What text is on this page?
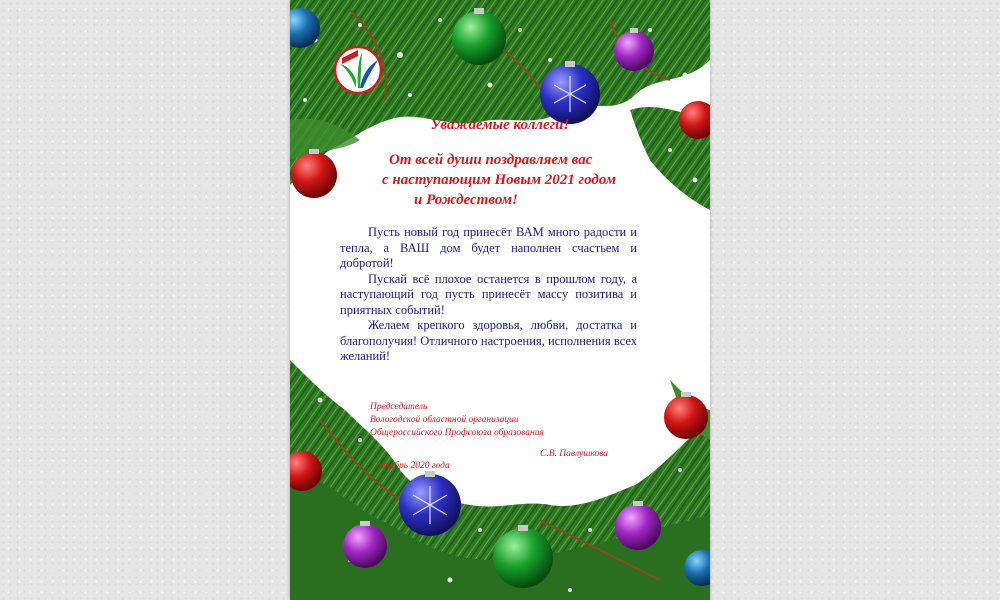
Уважаемые коллеги!
От всей души поздравляем вас
с наступающим Новым 2021 годом
и Рождеством!

Пусть новый год принесёт ВАМ много радости и тепла, а ВАШ дом будет наполнен счастьем и добротой!

Пускай всё плохое останется в прошлом году, а наступающий год пусть принесёт массу позитива и приятных событий!

Желаем крепкого здоровья, любви, достатка и благополучия! Отличного настроения, исполнения всех желаний!

Председатель
Вологодской областной организации
Общероссийского Профсоюза образования
С.В. Павлушкова
Декабрь 2020 года
